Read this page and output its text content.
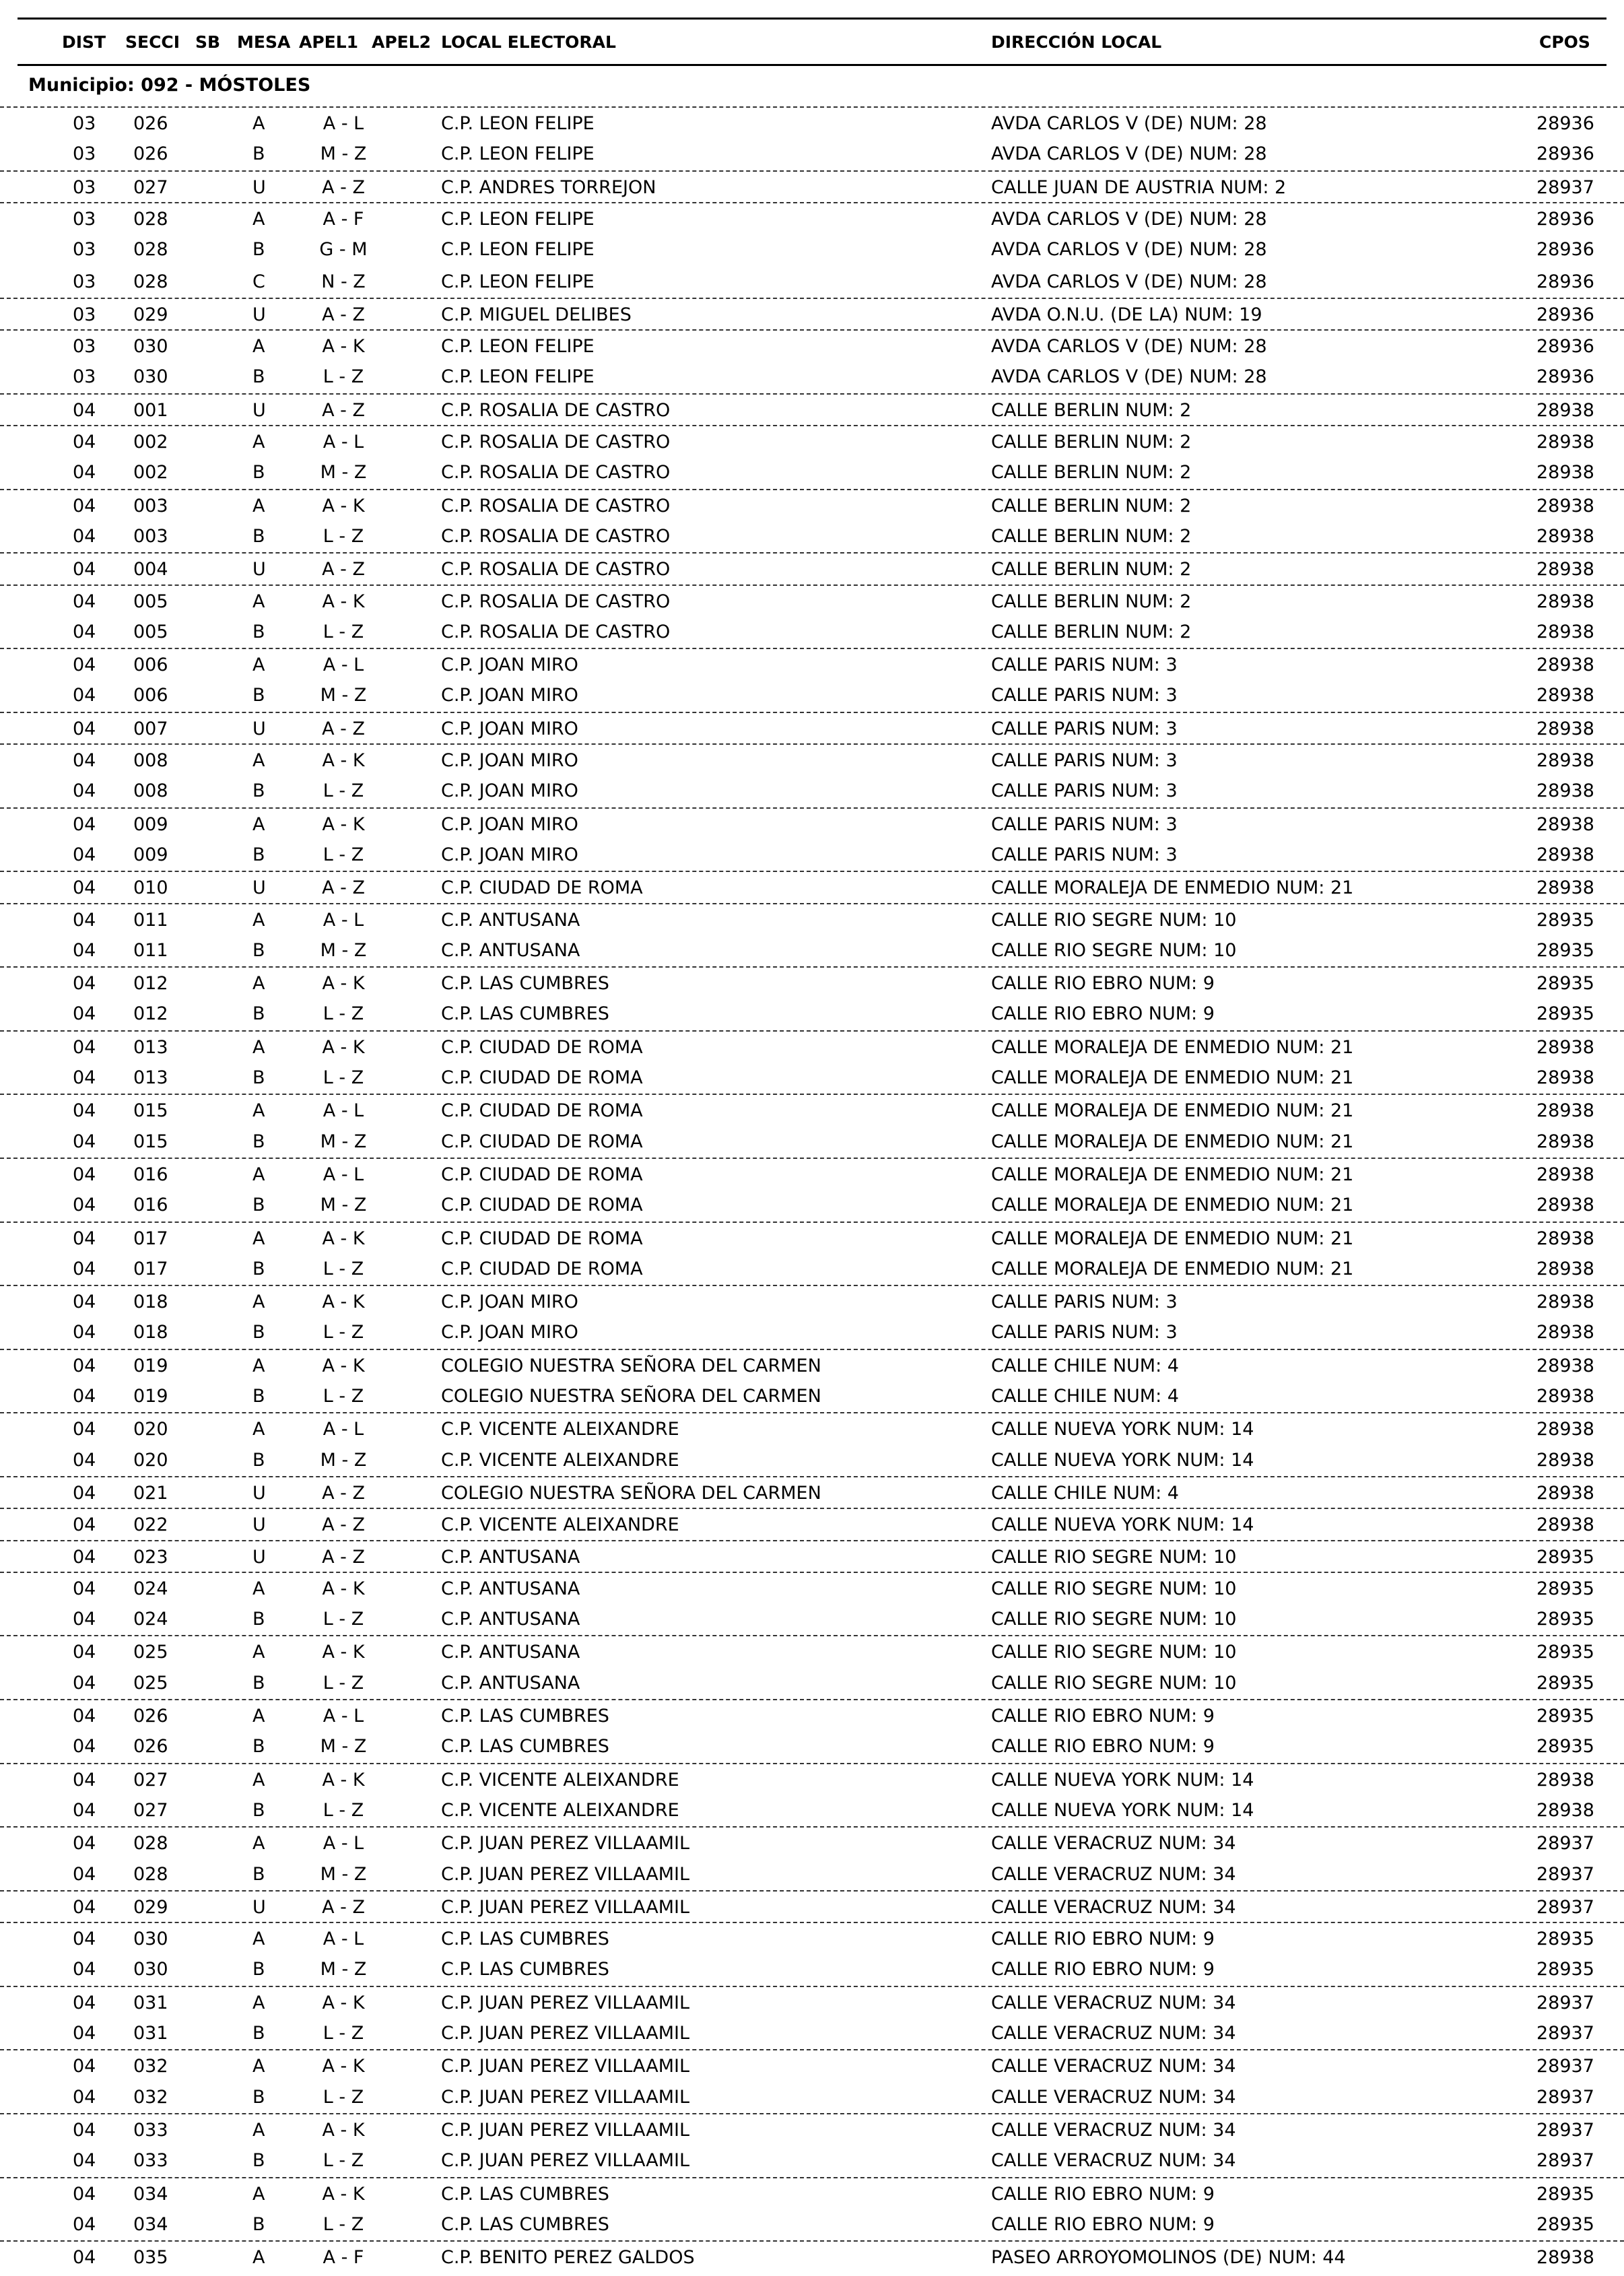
DIST SECCI SB MESA APEL1 APEL2 LOCAL ELECTORAL	DIRECCIÓN LOCAL	CPOS
Municipio: 092 - MÓSTOLES
03 026	A	A - L	C.P. LEON FELIPE	AVDA CARLOS V (DE) NUM: 28	28936
03 026	B	M - Z	C.P. LEON FELIPE	AVDA CARLOS V (DE) NUM: 28	28936
03 027	U	A - Z	C.P. ANDRES TORREJON	CALLE JUAN DE AUSTRIA NUM: 2	28937
03 028	A	A - F	C.P. LEON FELIPE	AVDA CARLOS V (DE) NUM: 28	28936
03 028	B	G - M	C.P. LEON FELIPE	AVDA CARLOS V (DE) NUM: 28	28936
03 028	C	N - Z	C.P. LEON FELIPE	AVDA CARLOS V (DE) NUM: 28	28936
03 029	U	A - Z	C.P. MIGUEL DELIBES	AVDA O.N.U. (DE LA) NUM: 19	28936
03 030	A	A - K	C.P. LEON FELIPE	AVDA CARLOS V (DE) NUM: 28	28936
03 030	B	L - Z	C.P. LEON FELIPE	AVDA CARLOS V (DE) NUM: 28	28936
04 001	U	A - Z	C.P. ROSALIA DE CASTRO	CALLE BERLIN NUM: 2	28938
04 002	A	A - L	C.P. ROSALIA DE CASTRO	CALLE BERLIN NUM: 2	28938
04 002	B	M - Z	C.P. ROSALIA DE CASTRO	CALLE BERLIN NUM: 2	28938
04 003	A	A - K	C.P. ROSALIA DE CASTRO	CALLE BERLIN NUM: 2	28938
04 003	B	L - Z	C.P. ROSALIA DE CASTRO	CALLE BERLIN NUM: 2	28938
04 004	U	A - Z	C.P. ROSALIA DE CASTRO	CALLE BERLIN NUM: 2	28938
04 005	A	A - K	C.P. ROSALIA DE CASTRO	CALLE BERLIN NUM: 2	28938
04 005	B	L - Z	C.P. ROSALIA DE CASTRO	CALLE BERLIN NUM: 2	28938
04 006	A	A - L	C.P. JOAN MIRO	CALLE PARIS NUM: 3	28938
04 006	B	M - Z	C.P. JOAN MIRO	CALLE PARIS NUM: 3	28938
04 007	U	A - Z	C.P. JOAN MIRO	CALLE PARIS NUM: 3	28938
04 008	A	A - K	C.P. JOAN MIRO	CALLE PARIS NUM: 3	28938
04 008	B	L - Z	C.P. JOAN MIRO	CALLE PARIS NUM: 3	28938
04 009	A	A - K	C.P. JOAN MIRO	CALLE PARIS NUM: 3	28938
04 009	B	L - Z	C.P. JOAN MIRO	CALLE PARIS NUM: 3	28938
04 010	U	A - Z	C.P. CIUDAD DE ROMA	CALLE MORALEJA DE ENMEDIO NUM: 21	28938
04 011	A	A - L	C.P. ANTUSANA	CALLE RIO SEGRE NUM: 10	28935
04 011	B	M - Z	C.P. ANTUSANA	CALLE RIO SEGRE NUM: 10	28935
04 012	A	A - K	C.P. LAS CUMBRES	CALLE RIO EBRO NUM: 9	28935
04 012	B	L - Z	C.P. LAS CUMBRES	CALLE RIO EBRO NUM: 9	28935
04 013	A	A - K	C.P. CIUDAD DE ROMA	CALLE MORALEJA DE ENMEDIO NUM: 21	28938
04 013	B	L - Z	C.P. CIUDAD DE ROMA	CALLE MORALEJA DE ENMEDIO NUM: 21	28938
04 015	A	A - L	C.P. CIUDAD DE ROMA	CALLE MORALEJA DE ENMEDIO NUM: 21	28938
04 015	B	M - Z	C.P. CIUDAD DE ROMA	CALLE MORALEJA DE ENMEDIO NUM: 21	28938
04 016	A	A - L	C.P. CIUDAD DE ROMA	CALLE MORALEJA DE ENMEDIO NUM: 21	28938
04 016	B	M - Z	C.P. CIUDAD DE ROMA	CALLE MORALEJA DE ENMEDIO NUM: 21	28938
04 017	A	A - K	C.P. CIUDAD DE ROMA	CALLE MORALEJA DE ENMEDIO NUM: 21	28938
04 017	B	L - Z	C.P. CIUDAD DE ROMA	CALLE MORALEJA DE ENMEDIO NUM: 21	28938
04 018	A	A - K	C.P. JOAN MIRO	CALLE PARIS NUM: 3	28938
04 018	B	L - Z	C.P. JOAN MIRO	CALLE PARIS NUM: 3	28938
04 019	A	A - K	COLEGIO NUESTRA SEÑORA DEL CARMEN	CALLE CHILE NUM: 4	28938
04 019	B	L - Z	COLEGIO NUESTRA SEÑORA DEL CARMEN	CALLE CHILE NUM: 4	28938
04 020	A	A - L	C.P. VICENTE ALEIXANDRE	CALLE NUEVA YORK NUM: 14	28938
04 020	B	M - Z	C.P. VICENTE ALEIXANDRE	CALLE NUEVA YORK NUM: 14	28938
04 021	U	A - Z	COLEGIO NUESTRA SEÑORA DEL CARMEN	CALLE CHILE NUM: 4	28938
04 022	U	A - Z	C.P. VICENTE ALEIXANDRE	CALLE NUEVA YORK NUM: 14	28938
04 023	U	A - Z	C.P. ANTUSANA	CALLE RIO SEGRE NUM: 10	28935
04 024	A	A - K	C.P. ANTUSANA	CALLE RIO SEGRE NUM: 10	28935
04 024	B	L - Z	C.P. ANTUSANA	CALLE RIO SEGRE NUM: 10	28935
04 025	A	A - K	C.P. ANTUSANA	CALLE RIO SEGRE NUM: 10	28935
04 025	B	L - Z	C.P. ANTUSANA	CALLE RIO SEGRE NUM: 10	28935
04 026	A	A - L	C.P. LAS CUMBRES	CALLE RIO EBRO NUM: 9	28935
04 026	B	M - Z	C.P. LAS CUMBRES	CALLE RIO EBRO NUM: 9	28935
04 027	A	A - K	C.P. VICENTE ALEIXANDRE	CALLE NUEVA YORK NUM: 14	28938
04 027	B	L - Z	C.P. VICENTE ALEIXANDRE	CALLE NUEVA YORK NUM: 14	28938
04 028	A	A - L	C.P. JUAN PEREZ VILLAAMIL	CALLE VERACRUZ NUM: 34	28937
04 028	B	M - Z	C.P. JUAN PEREZ VILLAAMIL	CALLE VERACRUZ NUM: 34	28937
04 029	U	A - Z	C.P. JUAN PEREZ VILLAAMIL	CALLE VERACRUZ NUM: 34	28937
04 030	A	A - L	C.P. LAS CUMBRES	CALLE RIO EBRO NUM: 9	28935
04 030	B	M - Z	C.P. LAS CUMBRES	CALLE RIO EBRO NUM: 9	28935
04 031	A	A - K	C.P. JUAN PEREZ VILLAAMIL	CALLE VERACRUZ NUM: 34	28937
04 031	B	L - Z	C.P. JUAN PEREZ VILLAAMIL	CALLE VERACRUZ NUM: 34	28937
04 032	A	A - K	C.P. JUAN PEREZ VILLAAMIL	CALLE VERACRUZ NUM: 34	28937
04 032	B	L - Z	C.P. JUAN PEREZ VILLAAMIL	CALLE VERACRUZ NUM: 34	28937
04 033	A	A - K	C.P. JUAN PEREZ VILLAAMIL	CALLE VERACRUZ NUM: 34	28937
04 033	B	L - Z	C.P. JUAN PEREZ VILLAAMIL	CALLE VERACRUZ NUM: 34	28937
04 034	A	A - K	C.P. LAS CUMBRES	CALLE RIO EBRO NUM: 9	28935
04 034	B	L - Z	C.P. LAS CUMBRES	CALLE RIO EBRO NUM: 9	28935
04 035	A	A - F	C.P. BENITO PEREZ GALDOS	PASEO ARROYOMOLINOS (DE) NUM: 44	28938
